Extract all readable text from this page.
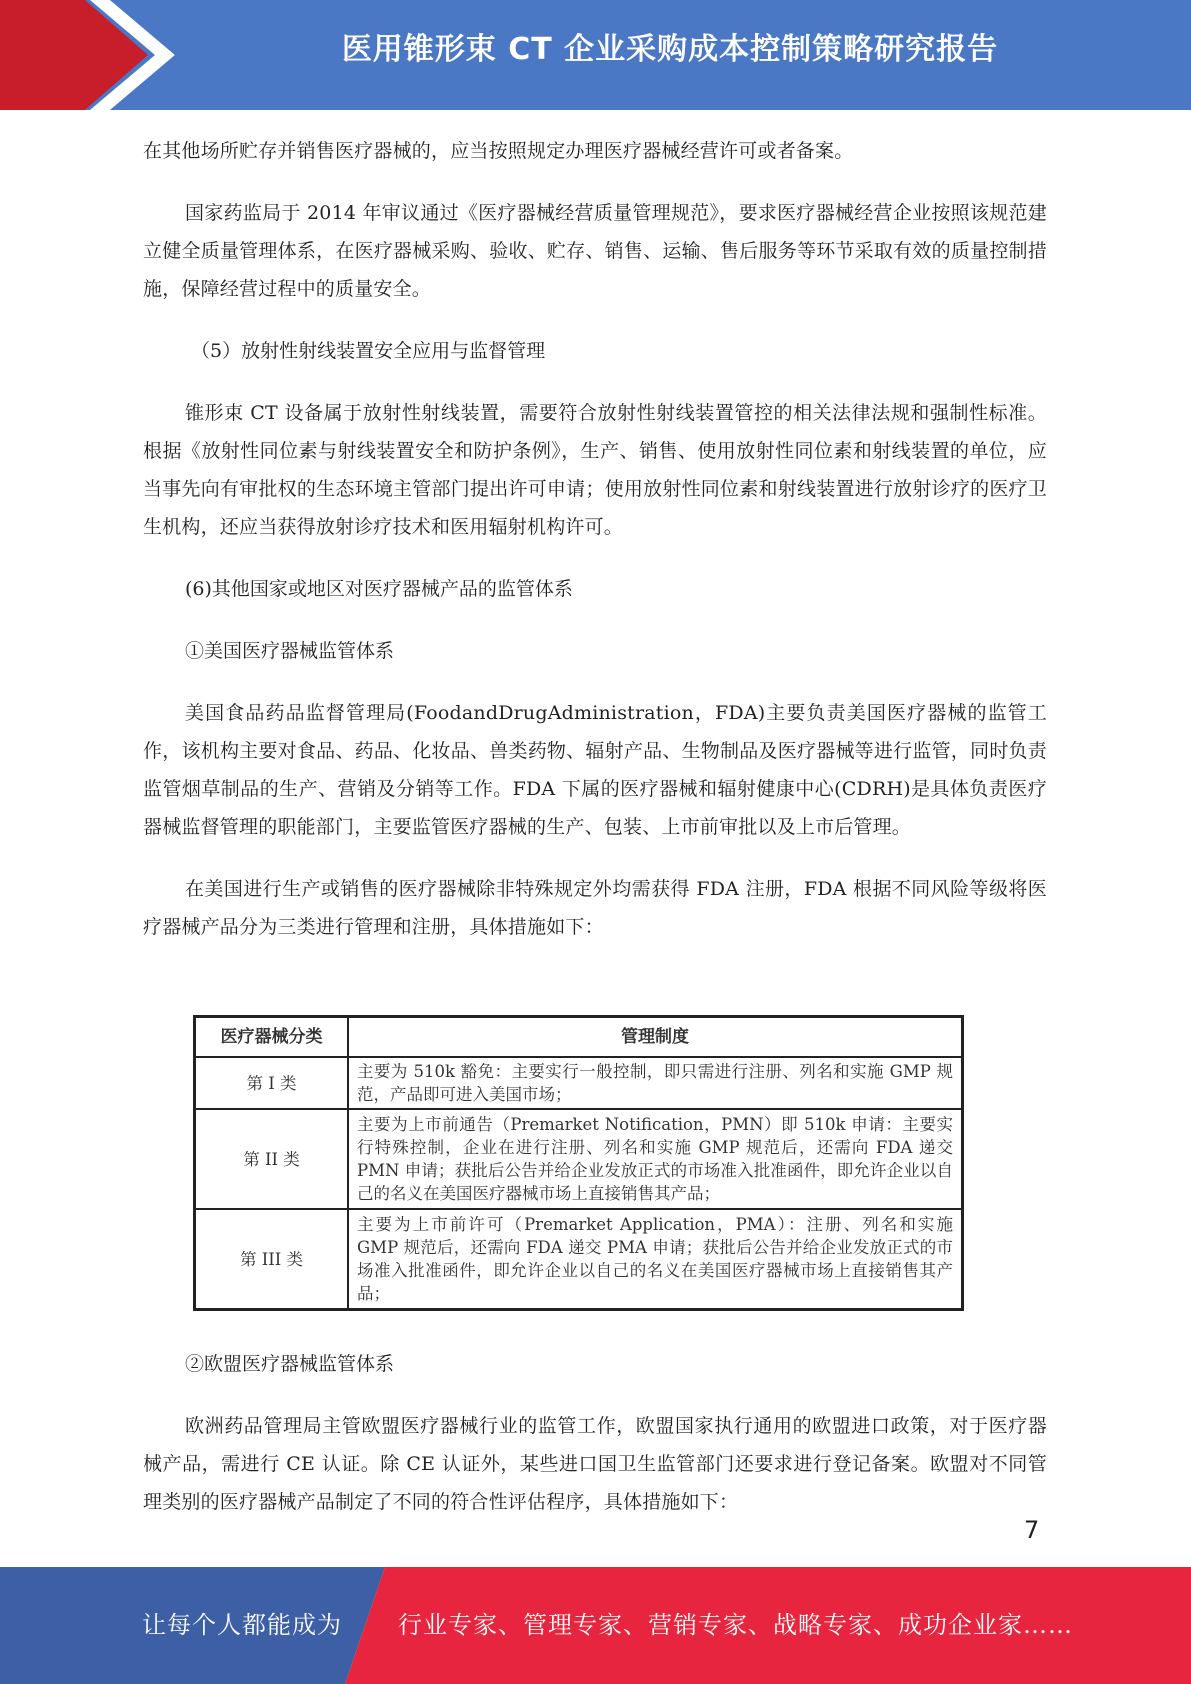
医用锥形束 CT 企业采购成本控制策略研究报告

在其他场所贮存并销售医疗器械的，应当按照规定办理医疗器械经营许可或者备案。

国家药监局于 2014 年审议通过《医疗器械经营质量管理规范》，要求医疗器械经营企业按照该规范建立健全质量管理体系，在医疗器械采购、验收、贮存、销售、运输、售后服务等环节采取有效的质量控制措施，保障经营过程中的质量安全。

（5）放射性射线装置安全应用与监督管理

锥形束 CT 设备属于放射性射线装置，需要符合放射性射线装置管控的相关法律法规和强制性标准。根据《放射性同位素与射线装置安全和防护条例》，生产、销售、使用放射性同位素和射线装置的单位，应当事先向有审批权的生态环境主管部门提出许可申请；使用放射性同位素和射线装置进行放射诊疗的医疗卫生机构，还应当获得放射诊疗技术和医用辐射机构许可。

(6)其他国家或地区对医疗器械产品的监管体系

①美国医疗器械监管体系

美国食品药品监督管理局(FoodandDrugAdministration，FDA)主要负责美国医疗器械的监管工作，该机构主要对食品、药品、化妆品、兽类药物、辐射产品、生物制品及医疗器械等进行监管，同时负责监管烟草制品的生产、营销及分销等工作。FDA 下属的医疗器械和辐射健康中心(CDRH)是具体负责医疗器械监督管理的职能部门，主要监管医疗器械的生产、包装、上市前审批以及上市后管理。

在美国进行生产或销售的医疗器械除非特殊规定外均需获得 FDA 注册，FDA 根据不同风险等级将医疗器械产品分为三类进行管理和注册，具体措施如下：

医疗器械分类	管理制度
第 I 类	主要为 510k 豁免：主要实行一般控制，即只需进行注册、列名和实施 GMP 规范，产品即可进入美国市场；
第 II 类	主要为上市前通告（Premarket Notification，PMN）即 510k 申请：主要实行特殊控制，企业在进行注册、列名和实施 GMP 规范后，还需向 FDA 递交 PMN 申请；获批后公告并给企业发放正式的市场准入批准函件，即允许企业以自己的名义在美国医疗器械市场上直接销售其产品；
第 III 类	主要为上市前许可（Premarket Application，PMA）：注册、列名和实施 GMP 规范后，还需向 FDA 递交 PMA 申请；获批后公告并给企业发放正式的市场准入批准函件，即允许企业以自己的名义在美国医疗器械市场上直接销售其产品；

②欧盟医疗器械监管体系

欧洲药品管理局主管欧盟医疗器械行业的监管工作，欧盟国家执行通用的欧盟进口政策，对于医疗器械产品，需进行 CE 认证。除 CE 认证外，某些进口国卫生监管部门还要求进行登记备案。欧盟对不同管理类别的医疗器械产品制定了不同的符合性评估程序，具体措施如下：

7
让每个人都能成为 行业专家、管理专家、营销专家、战略专家、成功企业家……
